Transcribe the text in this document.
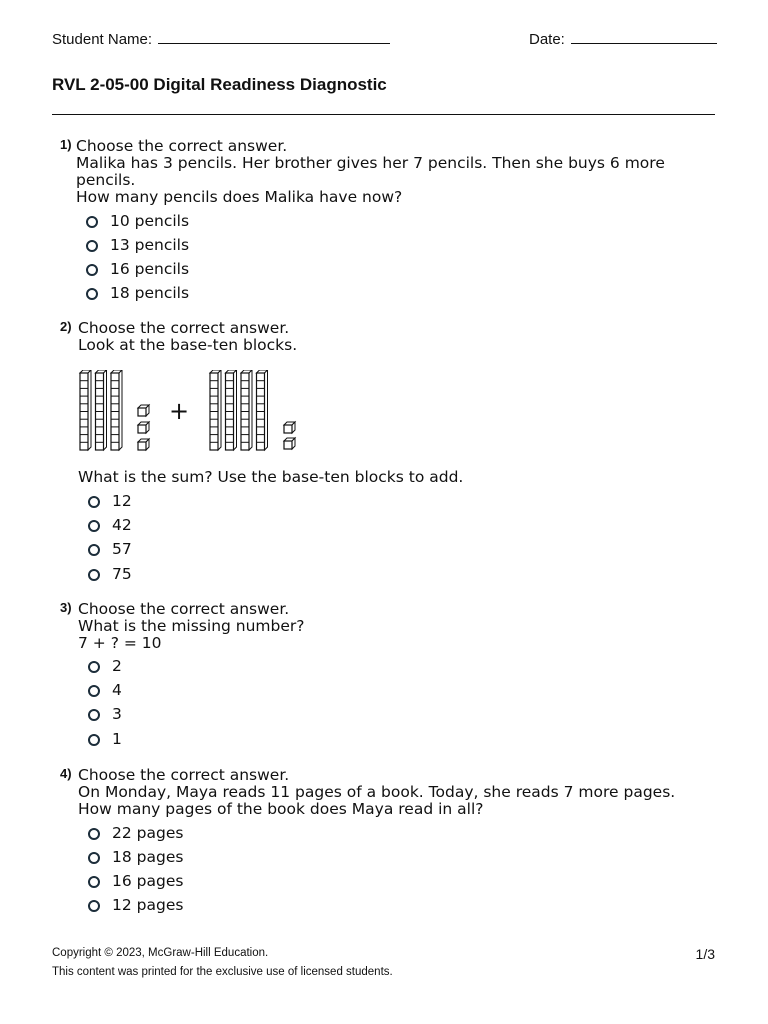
Student Name:	Date:
RVL 2-05-00 Digital Readiness Diagnostic
1) Choose the correct answer.
Malika has 3 pencils. Her brother gives her 7 pencils. Then she buys 6 more pencils.
How many pencils does Malika have now?
10 pencils
13 pencils
16 pencils
18 pencils
2) Choose the correct answer.
Look at the base-ten blocks.
What is the sum? Use the base-ten blocks to add.
12
42
57
75
+
3) Choose the correct answer.
What is the missing number?
7 + ? = 10
2
4
3
1
4) Choose the correct answer.
On Monday, Maya reads 11 pages of a book. Today, she reads 7 more pages.
How many pages of the book does Maya read in all?
22 pages
18 pages
16 pages
12 pages
Copyright © 2023, McGraw-Hill Education.
This content was printed for the exclusive use of licensed students.
1/3
